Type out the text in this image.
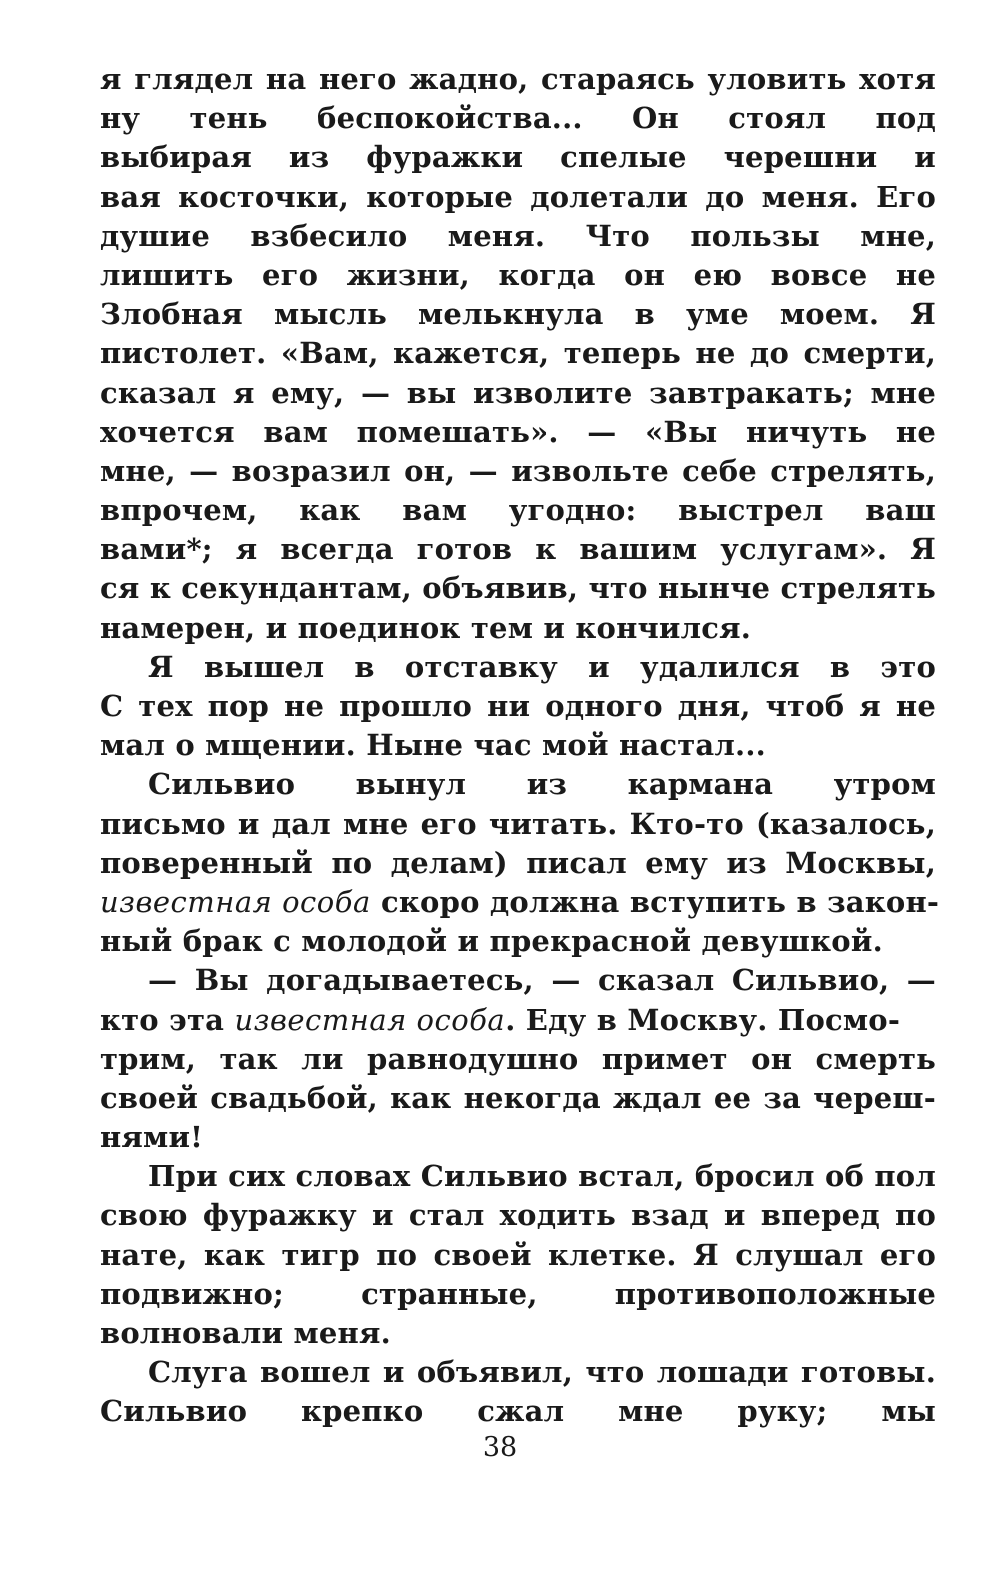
я глядел на него жадно, стараясь уловить хотя
ну тень беспокойства... Он стоял под
выбирая из фуражки спелые черешни и
вая косточки, которые долетали до меня. Его
душие взбесило меня. Что пользы мне,
лишить его жизни, когда он ею вовсе не
Злобная мысль мелькнула в уме моем. Я
пистолет. «Вам, кажется, теперь не до смерти,
сказал я ему, — вы изволите завтракать; мне
хочется вам помешать». — «Вы ничуть не
мне, — возразил он, — извольте себе стрелять,
впрочем, как вам угодно: выстрел ваш
вами*; я всегда готов к вашим услугам». Я
ся к секундантам, объявив, что нынче стрелять
намерен, и поединок тем и кончился.
Я вышел в отставку и удалился в это
С тех пор не прошло ни одного дня, чтоб я не
мал о мщении. Ныне час мой настал...
Сильвио вынул из кармана утром
письмо и дал мне его читать. Кто-то (казалось,
поверенный по делам) писал ему из Москвы,
известная особа скоро должна вступить в закон-
ный брак с молодой и прекрасной девушкой.
— Вы догадываетесь, — сказал Сильвио, —
кто эта известная особа. Еду в Москву. Посмо-
трим, так ли равнодушно примет он смерть
своей свадьбой, как некогда ждал ее за череш-
нями!
При сих словах Сильвио встал, бросил об пол
свою фуражку и стал ходить взад и вперед по
нате, как тигр по своей клетке. Я слушал его
подвижно; странные, противоположные
волновали меня.
Слуга вошел и объявил, что лошади готовы.
Сильвио крепко сжал мне руку; мы
38
